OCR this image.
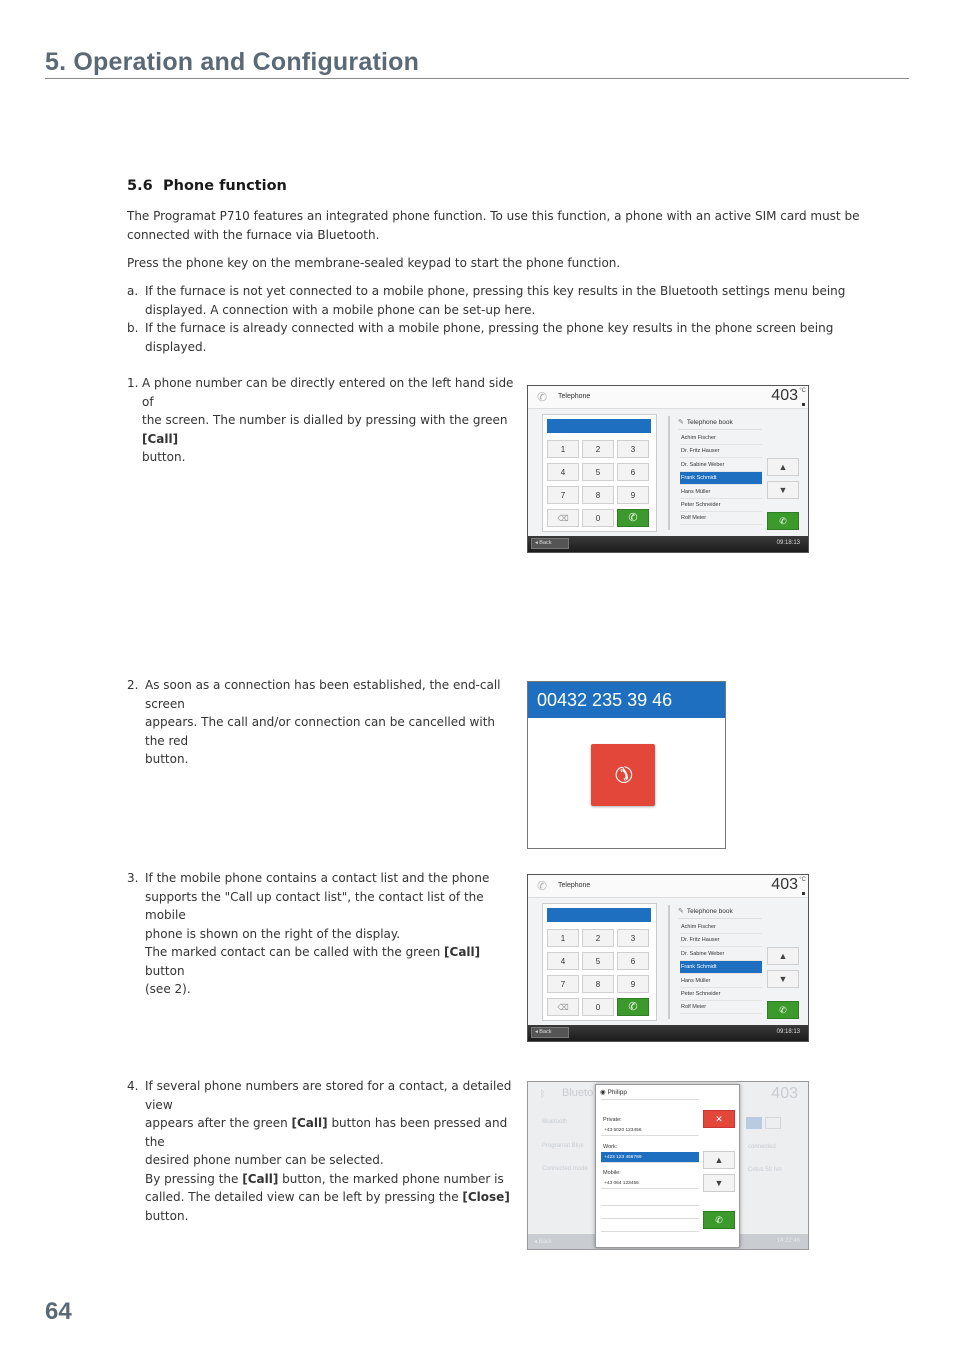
5. Operation and Configuration
5.6 Phone function

The Programat P710 features an integrated phone function. To use this function, a phone with an active SIM card must be
connected with the furnace via Bluetooth.

Press the phone key on the membrane-sealed keypad to start the phone function.

a. If the furnace is not yet connected to a mobile phone, pressing this key results in the Bluetooth settings menu being
displayed. A connection with a mobile phone can be set-up here.

b. If the furnace is already connected with a mobile phone, pressing the phone key results in the phone screen being
displayed.

1. A phone number can be directly entered on the left hand side of
the screen. The number is dialled by pressing with the green [Call]
button.

✆ Telephone	403 °C
1	2	3
4	5	6
7	8	9
⌫	0	✆
✎ Telephone book
Achim Fischer
Dr. Fritz Hauser
Dr. Sabine Weber
Frank Schmidt
Hans Müller
Peter Schneider
Rolf Meier
▲
▼
✆
◂ Back	09:18:13
2. As soon as a connection has been established, the end-call screen
appears. The call and/or connection can be cancelled with the red
button.

00432 235 39 46
✆
3. If the mobile phone contains a contact list and the phone
supports the "Call up contact list", the contact list of the mobile
phone is shown on the right of the display.
The marked contact can be called with the green [Call] button
(see 2).

✆ Telephone	403 °C
1	2	3
4	5	6
7	8	9
⌫	0	✆
✎ Telephone book
Achim Fischer
Dr. Fritz Hauser
Dr. Sabine Weber
Frank Schmidt
Hans Müller
Peter Schneider
Rolf Meier
▲
▼
✆
◂ Back	09:18:13
4. If several phone numbers are stored for a contact, a detailed view
appears after the green [Call] button has been pressed and the
desired phone number can be selected.
By pressing the [Call] button, the marked phone number is
called. The detailed view can be left by pressing the [Close]
button.

ᛒ Blueto	403
Bluetooth
Programat Blue
Connected mode
connected
Cetus 5II Ivn
◂ Back	14:22:46
◉ Philipp
Private:
+43 5020 123456
Work:
+423 123 456789
Mobile:
+43 064 123456
✕
▲
▼
✆
64
